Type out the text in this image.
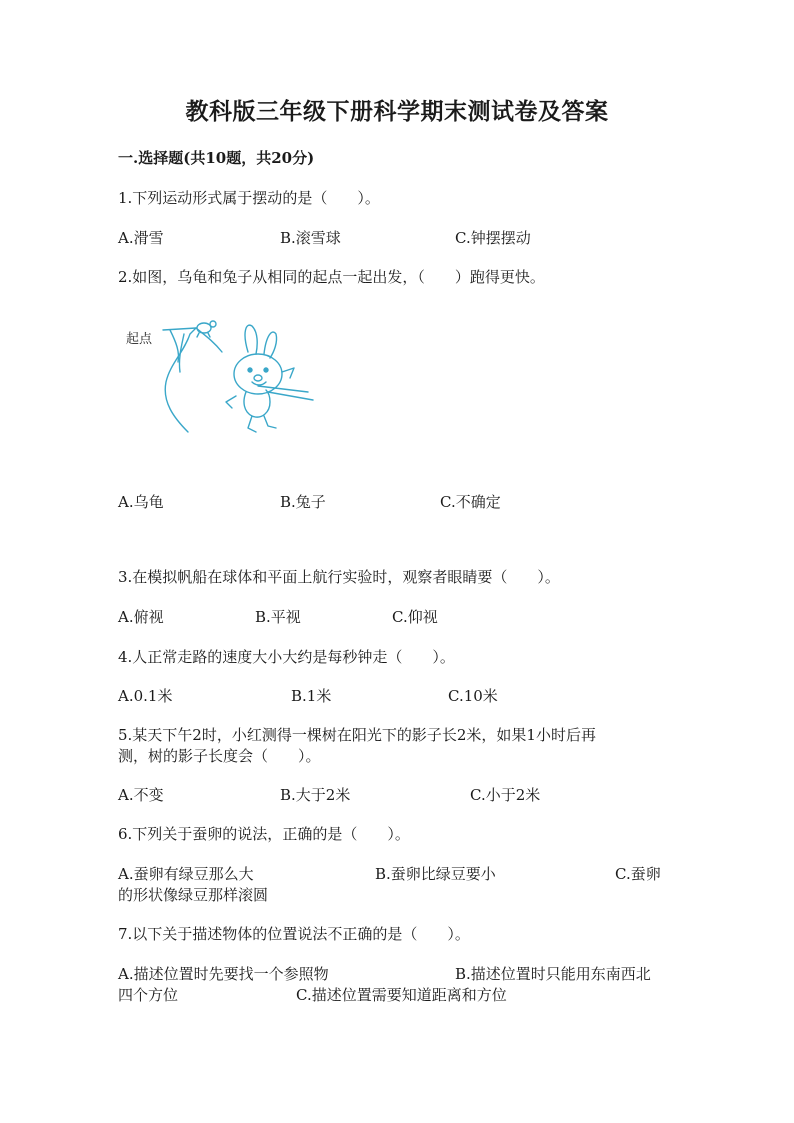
教科版三年级下册科学期末测试卷及答案
一.选择题(共10题，共20分)
1.下列运动形式属于摆动的是（　　）。
A.滑雪	B.滚雪球	C.钟摆摆动
2.如图，乌龟和兔子从相同的起点一起出发，（　　）跑得更快。
起点
A.乌龟	B.兔子	C.不确定
3.在模拟帆船在球体和平面上航行实验时，观察者眼睛要（　　）。
A.俯视	B.平视	C.仰视
4.人正常走路的速度大小大约是每秒钟走（　　）。
A.0.1米	B.1米	C.10米
5.某天下午2时，小红测得一棵树在阳光下的影子长2米，如果1小时后再
测，树的影子长度会（　　）。
A.不变	B.大于2米	C.小于2米
6.下列关于蚕卵的说法，正确的是（　　）。
A.蚕卵有绿豆那么大	B.蚕卵比绿豆要小	C.蚕卵
的形状像绿豆那样滚圆
7.以下关于描述物体的位置说法不正确的是（　　）。
A.描述位置时先要找一个参照物	B.描述位置时只能用东南西北
四个方位	C.描述位置需要知道距离和方位
